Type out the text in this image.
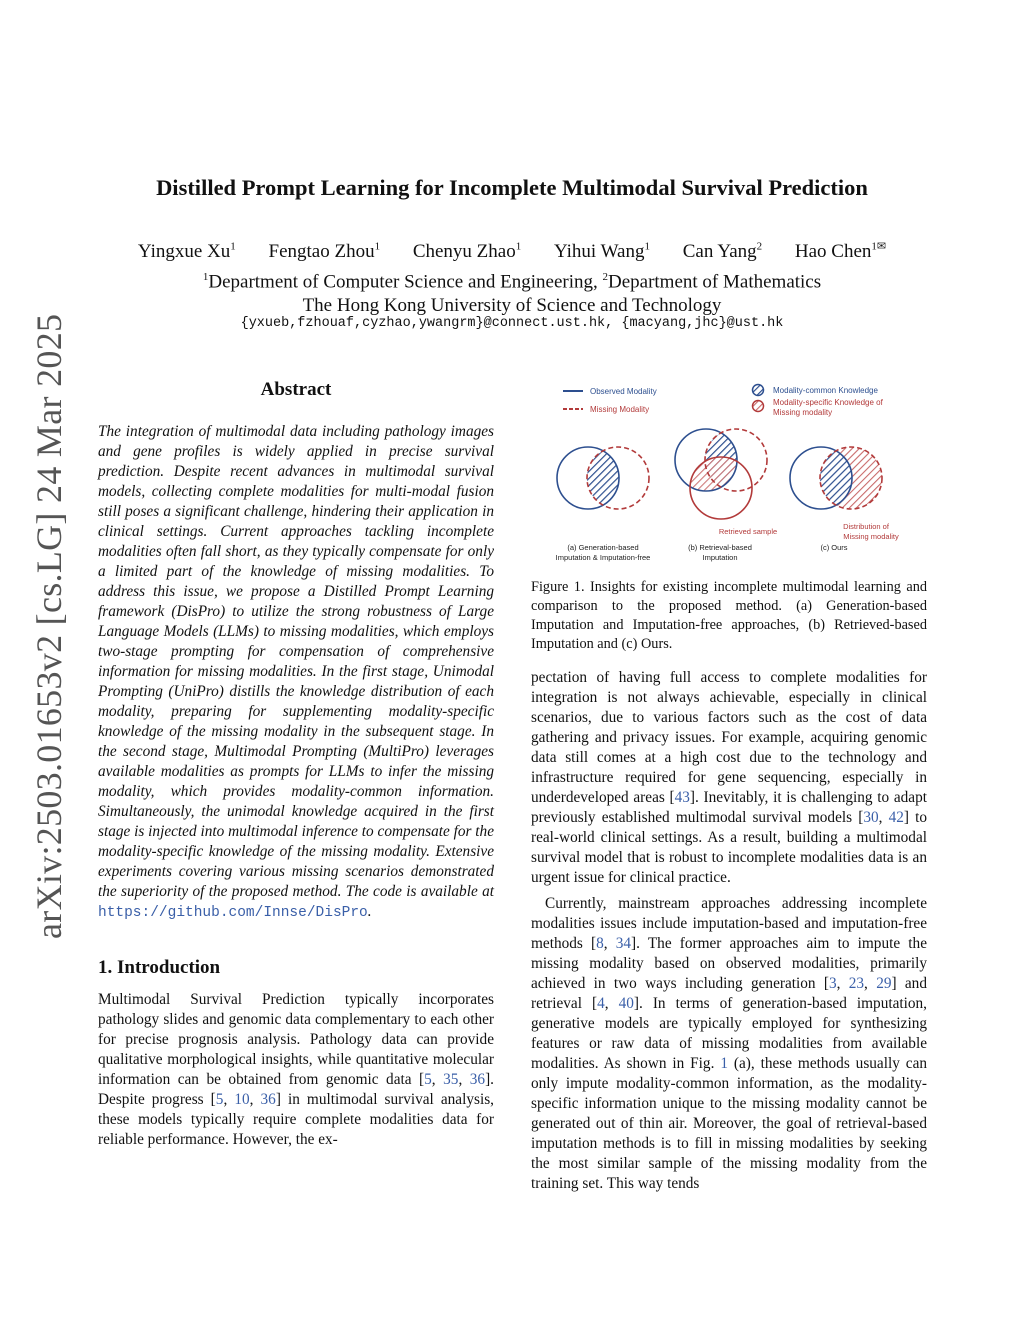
arXiv:2503.01653v2 [cs.LG] 24 Mar 2025
Distilled Prompt Learning for Incomplete Multimodal Survival Prediction
Yingxue Xu$^1$ Fengtao Zhou$^1$ Chenyu Zhao$^1$ Yihui Wang$^1$ Can Yang$^2$ Hao Chen$^{1✉}$
$^1$Department of Computer Science and Engineering, $^2$Department of Mathematics
The Hong Kong University of Science and Technology
{yxueb,fzhouaf,cyzhao,ywangrm}@connect.ust.hk, {macyang,jhc}@ust.hk
Abstract

The integration of multimodal data including pathology images and gene profiles is widely applied in precise survival prediction. Despite recent advances in multimodal survival models, collecting complete modalities for multi-modal fusion still poses a significant challenge, hindering their application in clinical settings. Current approaches tackling incomplete modalities often fall short, as they typically compensate for only a limited part of the knowledge of missing modalities. To address this issue, we propose a Distilled Prompt Learning framework (DisPro) to utilize the strong robustness of Large Language Models (LLMs) to missing modalities, which employs two-stage prompting for compensation of comprehensive information for missing modalities. In the first stage, Unimodal Prompting (UniPro) distills the knowledge distribution of each modality, preparing for supplementing modality-specific knowledge of the missing modality in the subsequent stage. In the second stage, Multimodal Prompting (MultiPro) leverages available modalities as prompts for LLMs to infer the missing modality, which provides modality-common information. Simultaneously, the unimodal knowledge acquired in the first stage is injected into multimodal inference to compensate for the modality-specific knowledge of the missing modality. Extensive experiments covering various missing scenarios demonstrated the superiority of the proposed method. The code is available at https://github.com/Innse/DisPro.

1. Introduction

Multimodal Survival Prediction typically incorporates pathology slides and genomic data complementary to each other for precise prognosis analysis. Pathology data can provide qualitative morphological insights, while quantitative molecular information can be obtained from genomic data [5, 35, 36]. Despite progress [5, 10, 36] in multimodal survival analysis, these models typically require complete modalities data for reliable performance. However, the ex-

Observed Modality
Missing Modality
Modality-common Knowledge
Modality-specific Knowledge of
Missing modality
(a) Generation-based
Imputation & Imputation-free
Retrieved sample
(b) Retrieval-based
Imputation
Distribution of
Missing modality
(c) Ours

Figure 1. Insights for existing incomplete multimodal learning and comparison to the proposed method. (a) Generation-based Imputation and Imputation-free approaches, (b) Retrieved-based Imputation and (c) Ours.

pectation of having full access to complete modalities for integration is not always achievable, especially in clinical scenarios, due to various factors such as the cost of data gathering and privacy issues. For example, acquiring genomic data still comes at a high cost due to the technology and infrastructure required for gene sequencing, especially in underdeveloped areas [43]. Inevitably, it is challenging to adapt previously established multimodal survival models [30, 42] to real-world clinical settings. As a result, building a multimodal survival model that is robust to incomplete modalities data is an urgent issue for clinical practice.

Currently, mainstream approaches addressing incomplete modalities issues include imputation-based and imputation-free methods [8, 34]. The former approaches aim to impute the missing modality based on observed modalities, primarily achieved in two ways including generation [3, 23, 29] and retrieval [4, 40]. In terms of generation-based imputation, generative models are typically employed for synthesizing features or raw data of missing modalities from available modalities. As shown in Fig. 1 (a), these methods usually can only impute modality-common information, as the modality-specific information unique to the missing modality cannot be generated out of thin air. Moreover, the goal of retrieval-based imputation methods is to fill in missing modalities by seeking the most similar sample of the missing modality from the training set. This way tends
